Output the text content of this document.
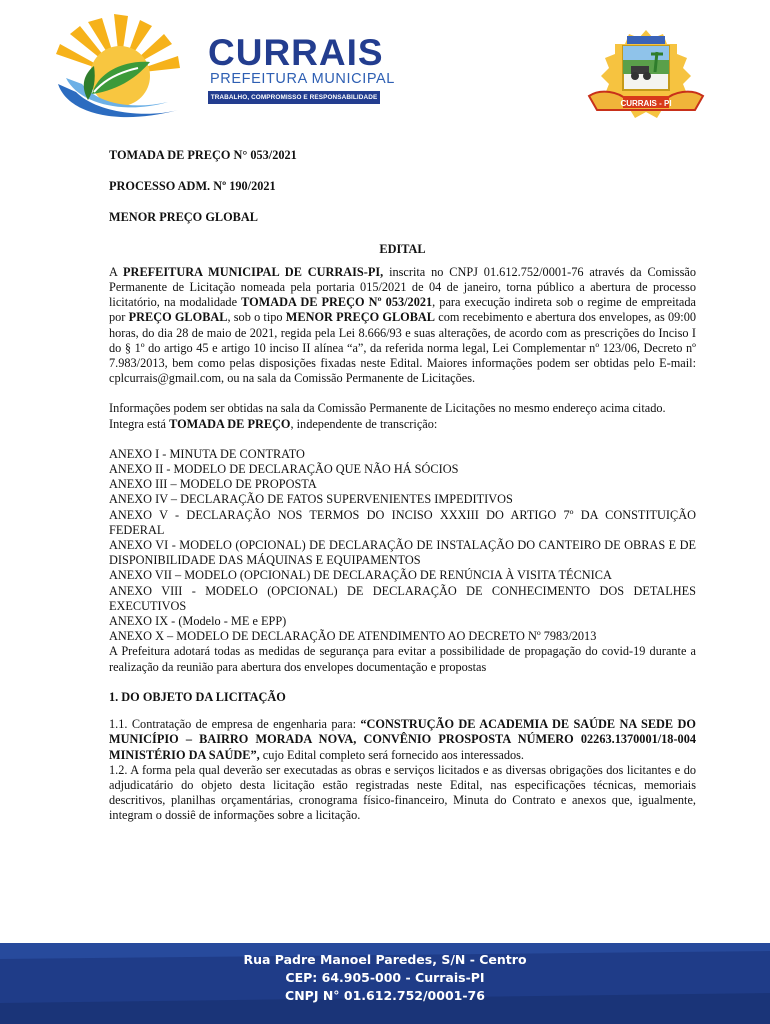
CURRAIS
PREFEITURA MUNICIPAL
TRABALHO, COMPROMISSO E RESPONSABILIDADE
CURRAIS - PI

TOMADA DE PREÇO N° 053/2021

PROCESSO ADM. Nº 190/2021

MENOR PREÇO GLOBAL

EDITAL

A PREFEITURA MUNICIPAL DE CURRAIS-PI, inscrita no CNPJ 01.612.752/0001-76 através da Comissão Permanente de Licitação nomeada pela portaria 015/2021 de 04 de janeiro, torna público a abertura de processo licitatório, na modalidade TOMADA DE PREÇO Nº 053/2021, para execução indireta sob o regime de empreitada por PREÇO GLOBAL, sob o tipo MENOR PREÇO GLOBAL com recebimento e abertura dos envelopes, as 09:00 horas, do dia 28 de maio de 2021, regida pela Lei 8.666/93 e suas alterações, de acordo com as prescrições do Inciso I do § 1º do artigo 45 e artigo 10 inciso II alínea “a”, da referida norma legal, Lei Complementar nº 123/06, Decreto nº 7.983/2013, bem como pelas disposições fixadas neste Edital. Maiores informações podem ser obtidas pelo E-mail: cplcurrais@gmail.com, ou na sala da Comissão Permanente de Licitações.

Informações podem ser obtidas na sala da Comissão Permanente de Licitações no mesmo endereço acima citado.

Integra está TOMADA DE PREÇO, independente de transcrição:

ANEXO I - MINUTA DE CONTRATO
ANEXO II - MODELO DE DECLARAÇÃO QUE NÃO HÁ SÓCIOS
ANEXO III – MODELO DE PROPOSTA
ANEXO IV – DECLARAÇÃO DE FATOS SUPERVENIENTES IMPEDITIVOS
ANEXO V - DECLARAÇÃO NOS TERMOS DO INCISO XXXIII DO ARTIGO 7º DA CONSTITUIÇÃO FEDERAL
ANEXO VI - MODELO (OPCIONAL) DE DECLARAÇÃO DE INSTALAÇÃO DO CANTEIRO DE OBRAS E DE DISPONIBILIDADE DAS MÁQUINAS E EQUIPAMENTOS
ANEXO VII – MODELO (OPCIONAL) DE DECLARAÇÃO DE RENÚNCIA À VISITA TÉCNICA
ANEXO VIII - MODELO (OPCIONAL) DE DECLARAÇÃO DE CONHECIMENTO DOS DETALHES EXECUTIVOS
ANEXO IX - (Modelo - ME e EPP)
ANEXO X – MODELO DE DECLARAÇÃO DE ATENDIMENTO AO DECRETO Nº 7983/2013

A Prefeitura adotará todas as medidas de segurança para evitar a possibilidade de propagação do covid-19 durante a realização da reunião para abertura dos envelopes documentação e propostas

1. DO OBJETO DA LICITAÇÃO

1.1. Contratação de empresa de engenharia para: “CONSTRUÇÃO DE ACADEMIA DE SAÚDE NA SEDE DO MUNICÍPIO – BAIRRO MORADA NOVA, CONVÊNIO PROSPOSTA NÚMERO 02263.1370001/18-004 MINISTÉRIO DA SAÚDE”, cujo Edital completo será fornecido aos interessados.

1.2. A forma pela qual deverão ser executadas as obras e serviços licitados e as diversas obrigações dos licitantes e do adjudicatário do objeto desta licitação estão registradas neste Edital, nas especificações técnicas, memoriais descritivos, planilhas orçamentárias, cronograma físico-financeiro, Minuta do Contrato e anexos que, igualmente, integram o dossiê de informações sobre a licitação.

Rua Padre Manoel Paredes, S/N - Centro
CEP: 64.905-000 - Currais-PI
CNPJ N° 01.612.752/0001-76
